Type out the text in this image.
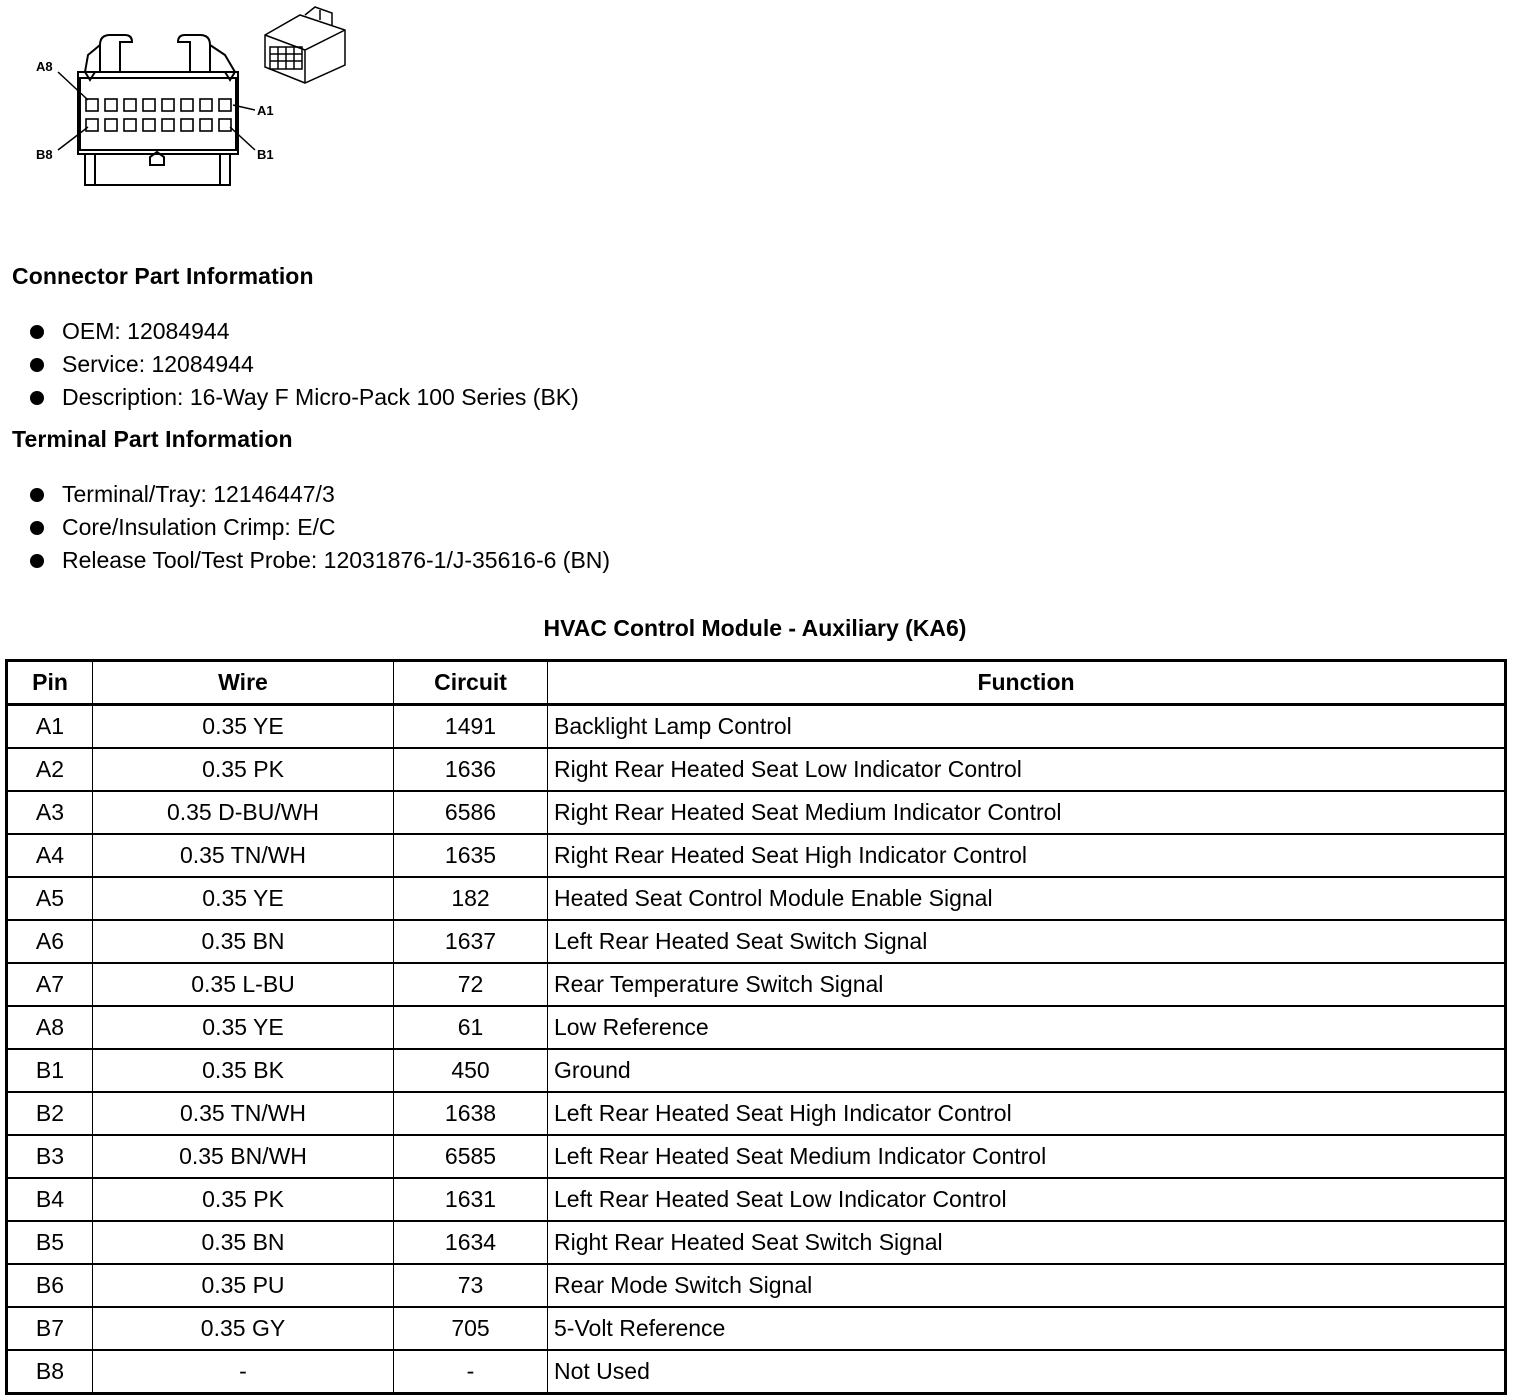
A8
A1
B8	B1
Connector Part Information
OEM: 12084944
Service: 12084944
Description: 16-Way F Micro-Pack 100 Series (BK)
Terminal Part Information
Terminal/Tray: 12146447/3
Core/Insulation Crimp: E/C
Release Tool/Test Probe: 12031876-1/J-35616-6 (BN)
HVAC Control Module - Auxiliary (KA6)
Pin	Wire	Circuit	Function
A1	0.35 YE	1491	Backlight Lamp Control
A2	0.35 PK	1636	Right Rear Heated Seat Low Indicator Control
A3	0.35 D-BU/WH	6586	Right Rear Heated Seat Medium Indicator Control
A4	0.35 TN/WH	1635	Right Rear Heated Seat High Indicator Control
A5	0.35 YE	182	Heated Seat Control Module Enable Signal
A6	0.35 BN	1637	Left Rear Heated Seat Switch Signal
A7	0.35 L-BU	72	Rear Temperature Switch Signal
A8	0.35 YE	61	Low Reference
B1	0.35 BK	450	Ground
B2	0.35 TN/WH	1638	Left Rear Heated Seat High Indicator Control
B3	0.35 BN/WH	6585	Left Rear Heated Seat Medium Indicator Control
B4	0.35 PK	1631	Left Rear Heated Seat Low Indicator Control
B5	0.35 BN	1634	Right Rear Heated Seat Switch Signal
B6	0.35 PU	73	Rear Mode Switch Signal
B7	0.35 GY	705	5-Volt Reference
B8	-	-	Not Used
